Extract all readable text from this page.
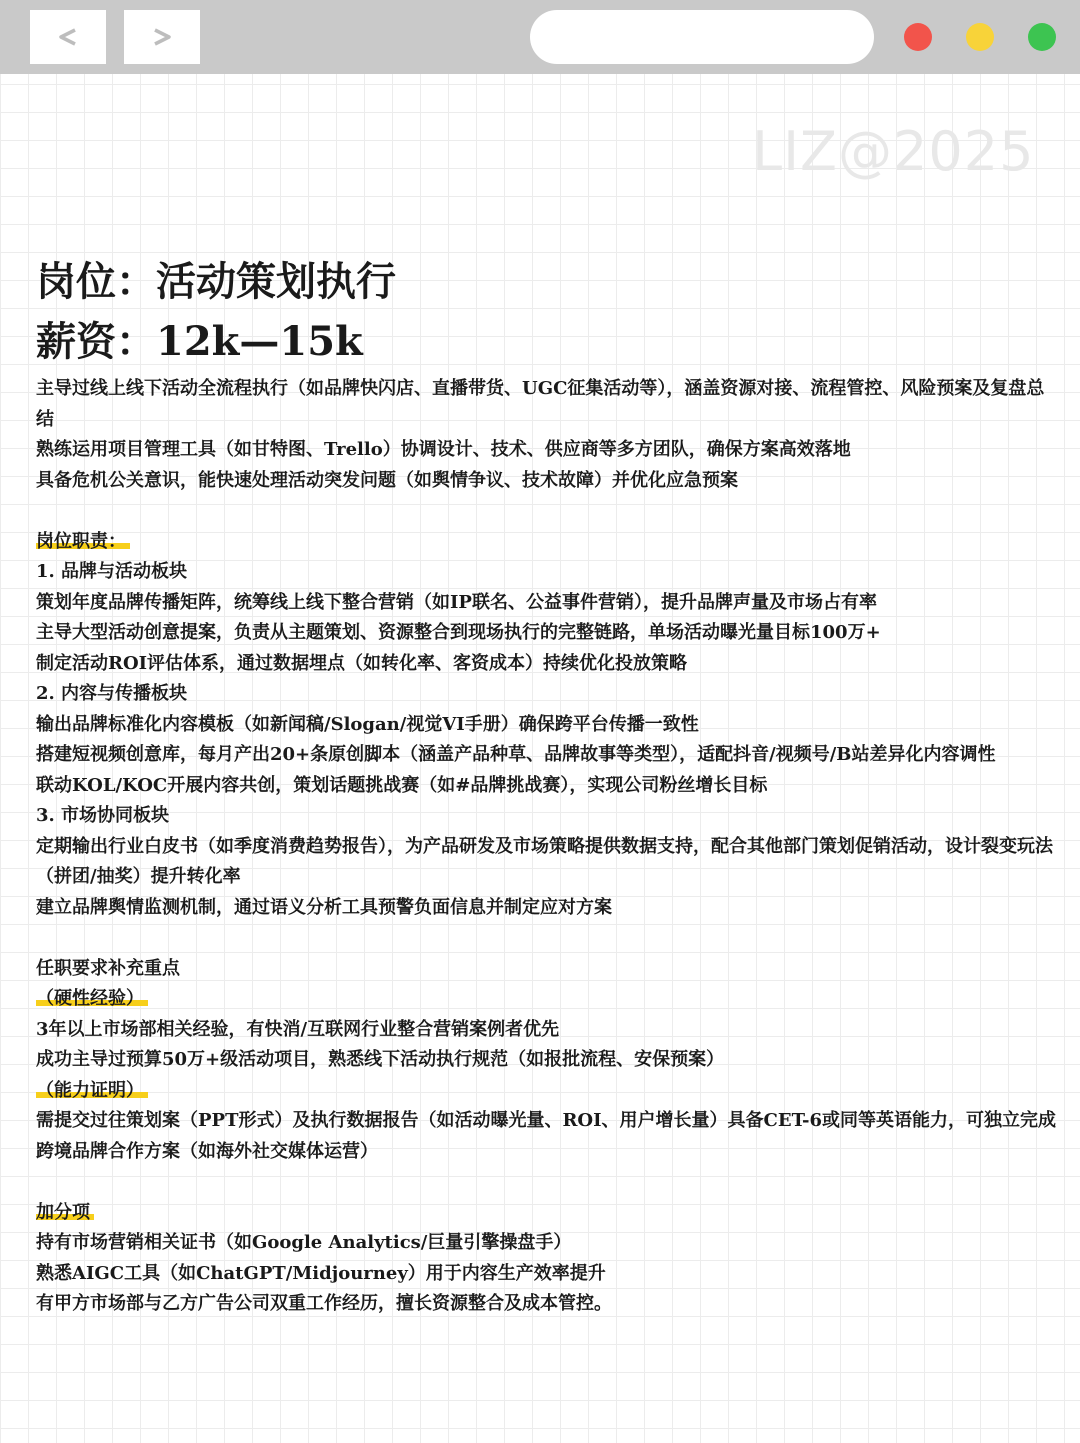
LIZ@2025
岗位：活动策划执行
薪资：12k—15k

主导过线上线下活动全流程执行（如品牌快闪店、直播带货、UGC征集活动等），涵盖资源对接、流程管控、风险预案及复盘总结

熟练运用项目管理工具（如甘特图、Trello）协调设计、技术、供应商等多方团队，确保方案高效落地

具备危机公关意识，能快速处理活动突发问题（如舆情争议、技术故障）并优化应急预案

岗位职责：

1. 品牌与活动板块

策划年度品牌传播矩阵，统筹线上线下整合营销（如IP联名、公益事件营销），提升品牌声量及市场占有率

主导大型活动创意提案，负责从主题策划、资源整合到现场执行的完整链路，单场活动曝光量目标100万+

制定活动ROI评估体系，通过数据埋点（如转化率、客资成本）持续优化投放策略

2. 内容与传播板块

输出品牌标准化内容模板（如新闻稿/Slogan/视觉VI手册）确保跨平台传播一致性

搭建短视频创意库，每月产出20+条原创脚本（涵盖产品种草、品牌故事等类型），适配抖音/视频号/B站差异化内容调性

联动KOL/KOC开展内容共创，策划话题挑战赛（如#品牌挑战赛），实现公司粉丝增长目标

3. 市场协同板块

定期输出行业白皮书（如季度消费趋势报告），为产品研发及市场策略提供数据支持，配合其他部门策划促销活动，设计裂变玩法（拼团/抽奖）提升转化率

建立品牌舆情监测机制，通过语义分析工具预警负面信息并制定应对方案

任职要求补充重点

（硬性经验）

3年以上市场部相关经验，有快消/互联网行业整合营销案例者优先

成功主导过预算50万+级活动项目，熟悉线下活动执行规范（如报批流程、安保预案）

（能力证明）

需提交过往策划案（PPT形式）及执行数据报告（如活动曝光量、ROI、用户增长量）具备CET-6或同等英语能力，可独立完成跨境品牌合作方案（如海外社交媒体运营）

加分项

持有市场营销相关证书（如Google Analytics/巨量引擎操盘手）

熟悉AIGC工具（如ChatGPT/Midjourney）用于内容生产效率提升

有甲方市场部与乙方广告公司双重工作经历，擅长资源整合及成本管控。
